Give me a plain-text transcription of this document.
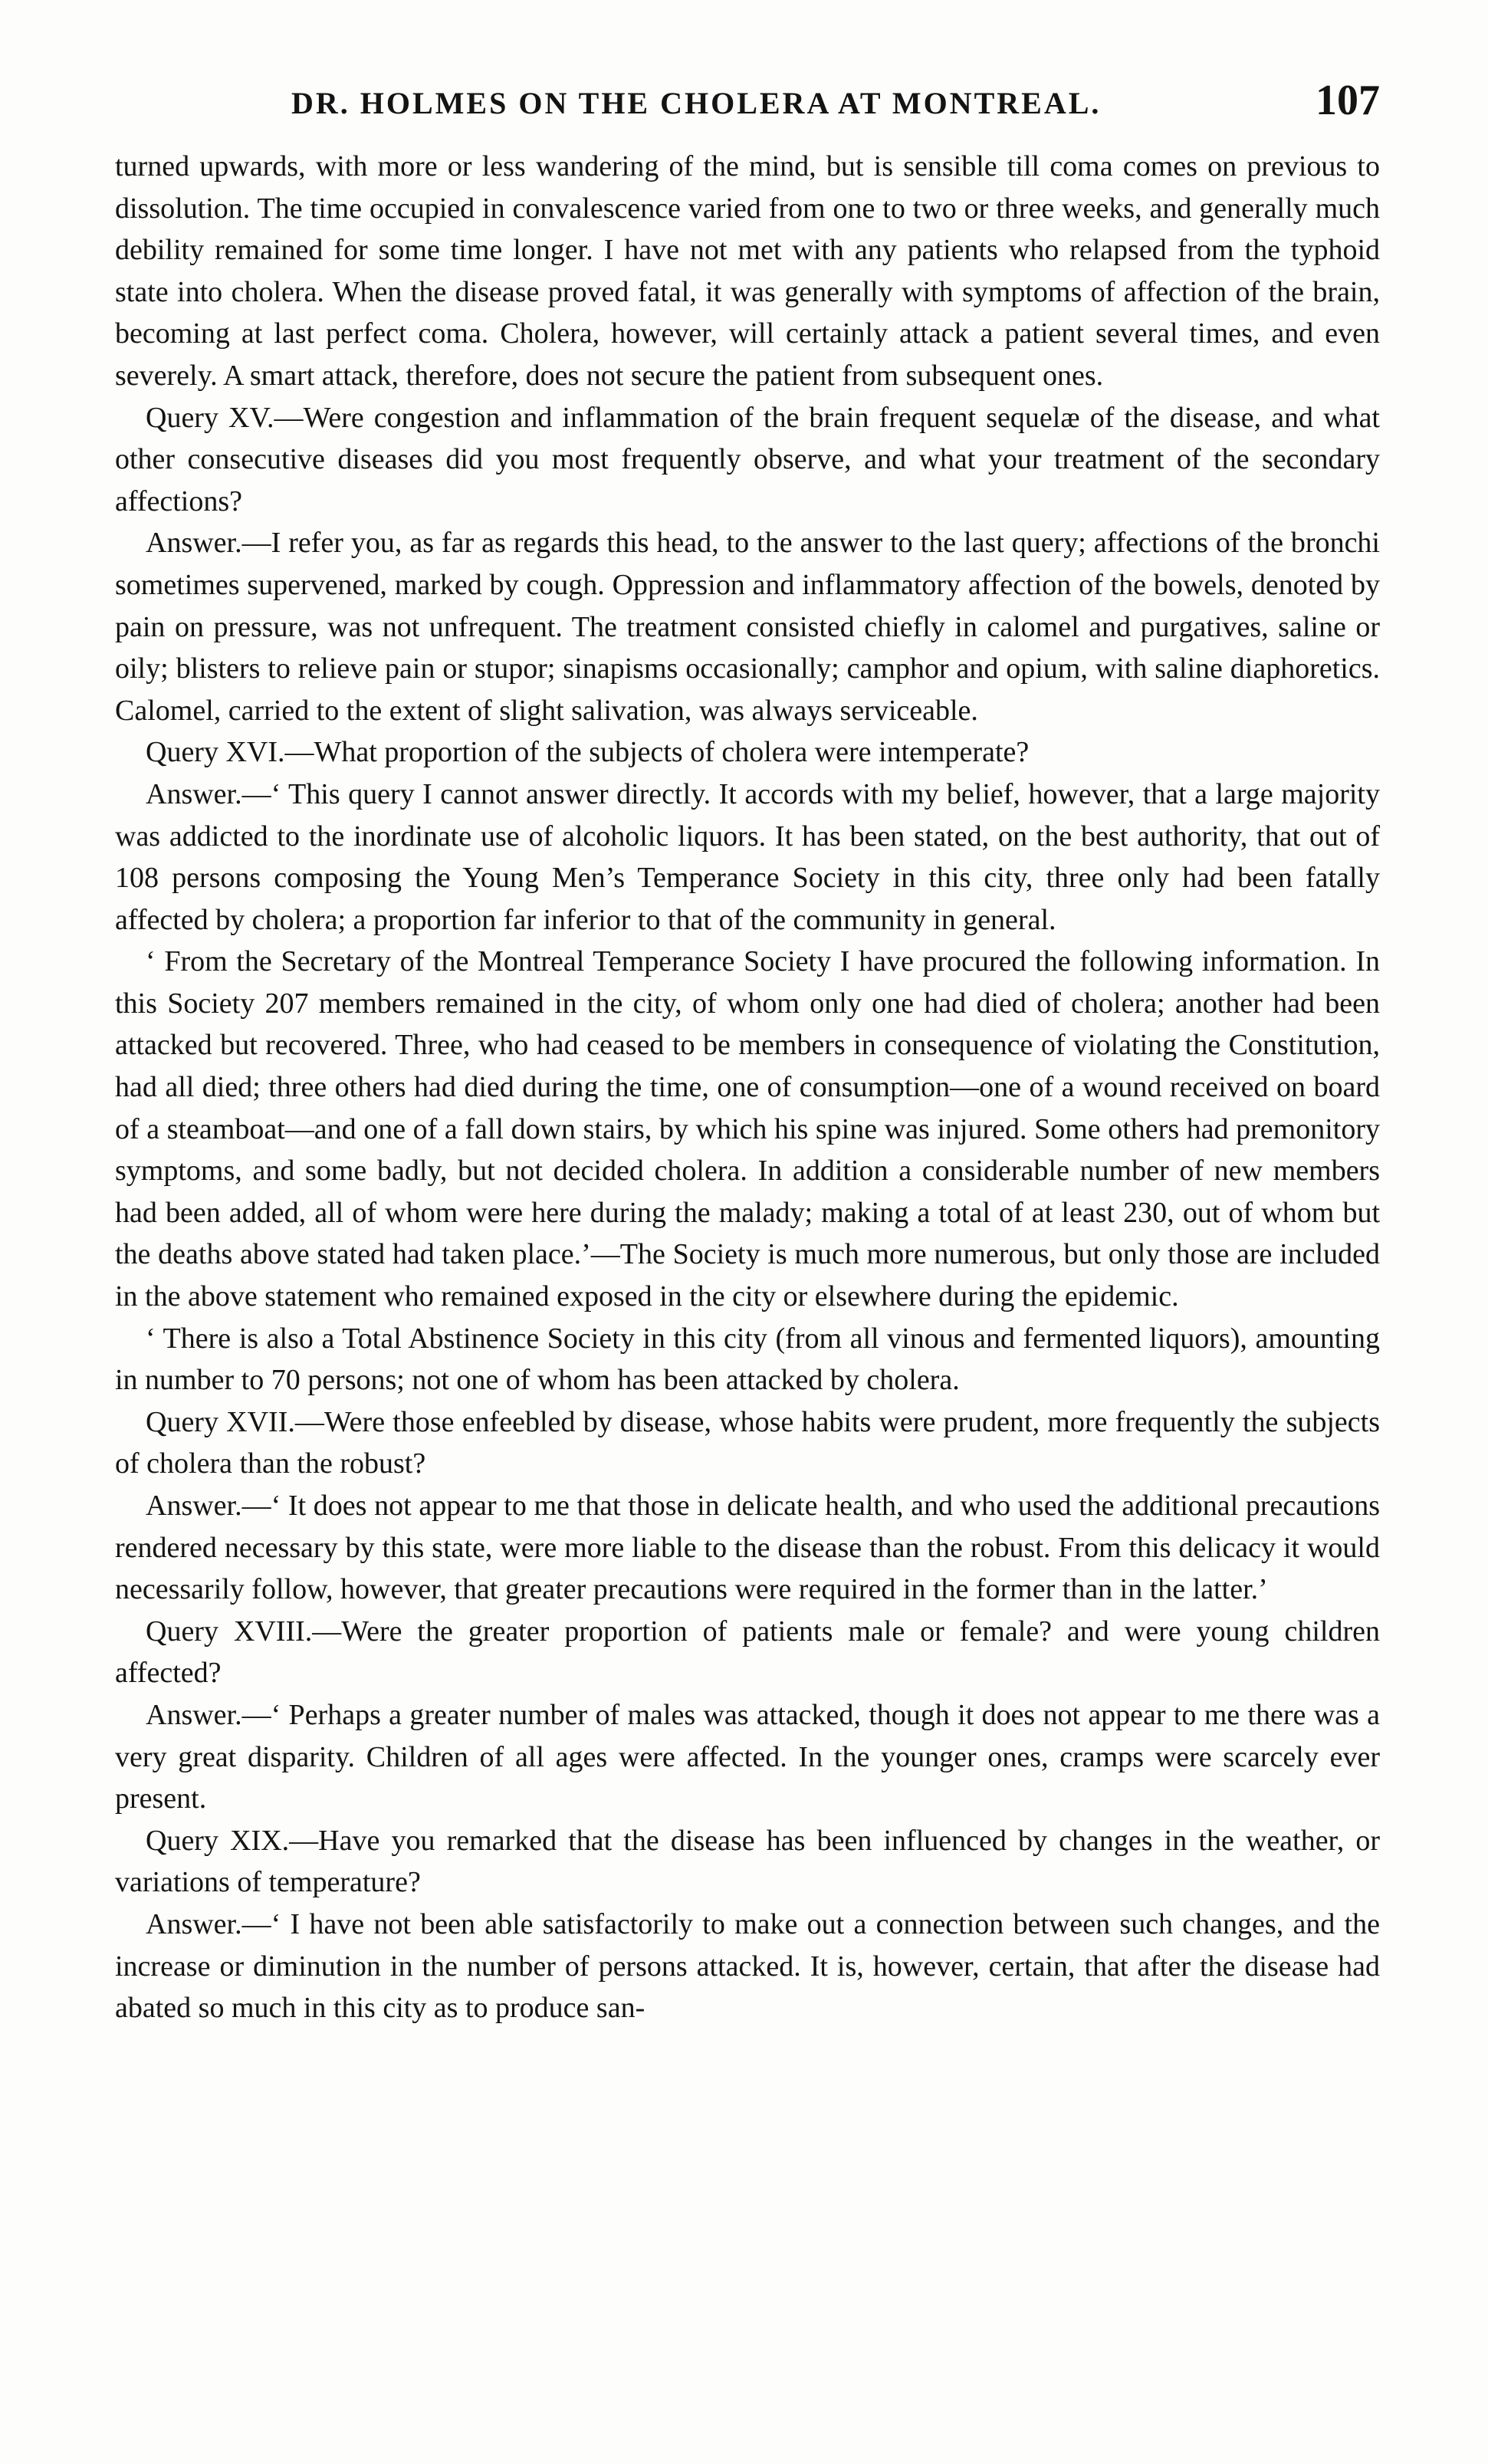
DR. HOLMES ON THE CHOLERA AT MONTREAL.	107

turned upwards, with more or less wandering of the mind, but is sensible till coma comes on previous to dissolution. The time occupied in convalescence varied from one to two or three weeks, and generally much debility remained for some time longer. I have not met with any patients who relapsed from the typhoid state into cholera. When the disease proved fatal, it was generally with symptoms of affection of the brain, becoming at last perfect coma. Cholera, however, will certainly attack a patient several times, and even severely. A smart attack, therefore, does not secure the patient from subsequent ones.

Query XV.—Were congestion and inflammation of the brain frequent sequelæ of the disease, and what other consecutive diseases did you most frequently observe, and what your treatment of the secondary affections?

Answer.—I refer you, as far as regards this head, to the answer to the last query; affections of the bronchi sometimes supervened, marked by cough. Oppression and inflammatory affection of the bowels, denoted by pain on pressure, was not unfrequent. The treatment consisted chiefly in calomel and purgatives, saline or oily; blisters to relieve pain or stupor; sinapisms occasionally; camphor and opium, with saline diaphoretics. Calomel, carried to the extent of slight salivation, was always serviceable.

Query XVI.—What proportion of the subjects of cholera were intemperate?

Answer.—‘ This query I cannot answer directly. It accords with my belief, however, that a large majority was addicted to the inordinate use of alcoholic liquors. It has been stated, on the best authority, that out of 108 persons composing the Young Men’s Temperance Society in this city, three only had been fatally affected by cholera; a proportion far inferior to that of the community in general.

‘ From the Secretary of the Montreal Temperance Society I have procured the following information. In this Society 207 members remained in the city, of whom only one had died of cholera; another had been attacked but recovered. Three, who had ceased to be members in consequence of violating the Constitution, had all died; three others had died during the time, one of consumption—one of a wound received on board of a steamboat—and one of a fall down stairs, by which his spine was injured. Some others had premonitory symptoms, and some badly, but not decided cholera. In addition a considerable number of new members had been added, all of whom were here during the malady; making a total of at least 230, out of whom but the deaths above stated had taken place.’—The Society is much more numerous, but only those are included in the above statement who remained exposed in the city or elsewhere during the epidemic.

‘ There is also a Total Abstinence Society in this city (from all vinous and fermented liquors), amounting in number to 70 persons; not one of whom has been attacked by cholera.

Query XVII.—Were those enfeebled by disease, whose habits were prudent, more frequently the subjects of cholera than the robust?

Answer.—‘ It does not appear to me that those in delicate health, and who used the additional precautions rendered necessary by this state, were more liable to the disease than the robust. From this delicacy it would necessarily follow, however, that greater precautions were required in the former than in the latter.’

Query XVIII.—Were the greater proportion of patients male or female? and were young children affected?

Answer.—‘ Perhaps a greater number of males was attacked, though it does not appear to me there was a very great disparity. Children of all ages were affected. In the younger ones, cramps were scarcely ever present.

Query XIX.—Have you remarked that the disease has been influenced by changes in the weather, or variations of temperature?

Answer.—‘ I have not been able satisfactorily to make out a connection between such changes, and the increase or diminution in the number of persons attacked. It is, however, certain, that after the disease had abated so much in this city as to produce san-
